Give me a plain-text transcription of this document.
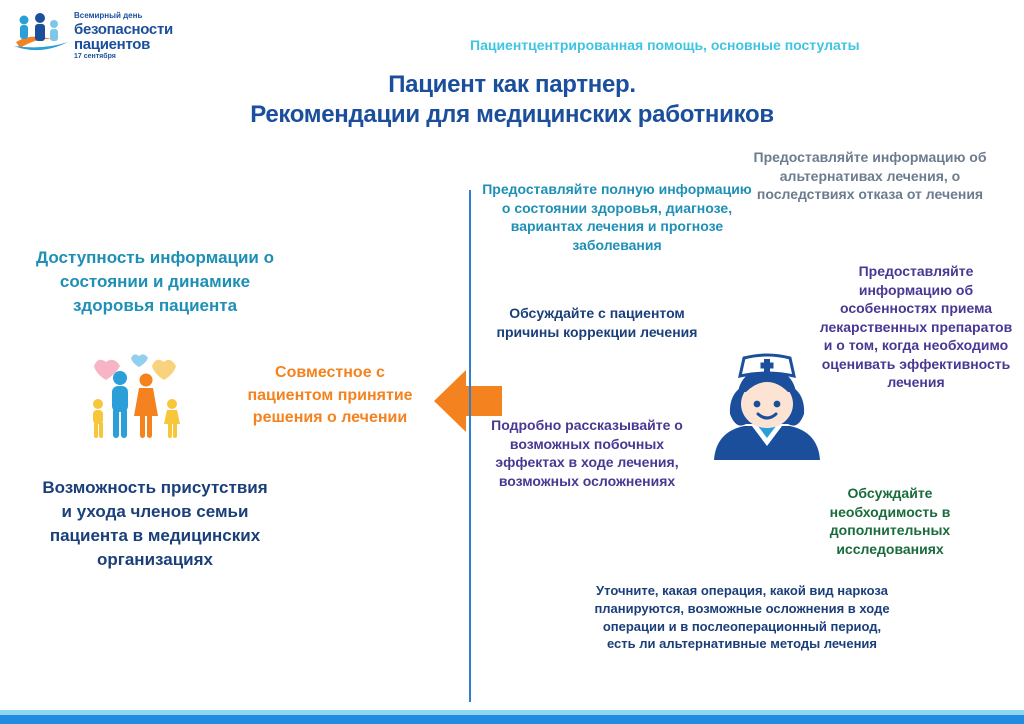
Всемирный день
безопасности
пациентов
17 сентября
Пациентцентрированная помощь, основные постулаты
Пациент как партнер.
Рекомендации для медицинских работников
Доступность информации о состоянии и динамике здоровья пациента
Возможность присутствия и ухода членов семьи пациента в медицинских организациях
Совместное с пациентом принятие решения о лечении
Предоставляйте полную информацию о состоянии здоровья, диагнозе, вариантах лечения и прогнозе заболевания
Предоставляйте информацию об альтернативах лечения, о последствиях отказа от лечения
Обсуждайте с пациентом причины коррекции лечения
Предоставляйте информацию об особенностях приема лекарственных препаратов и о том, когда необходимо оценивать эффективность лечения
Подробно рассказывайте о возможных побочных эффектах в ходе лечения, возможных осложнениях
Обсуждайте необходимость в дополнительных исследованиях
Уточните, какая операция, какой вид наркоза планируются, возможные осложнения в ходе операции и в послеоперационный период, есть ли альтернативные методы лечения
